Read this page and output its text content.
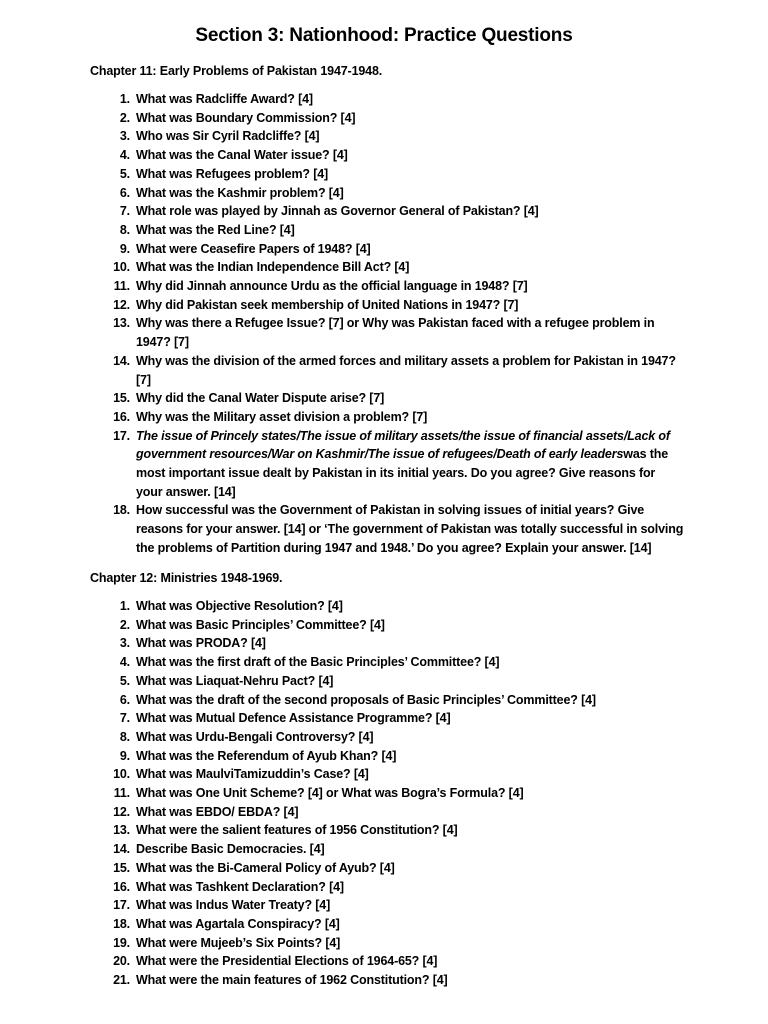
Section 3: Nationhood: Practice Questions
Chapter 11: Early Problems of Pakistan 1947-1948.
1 . What was Radcliffe Award? [4]
2 . What was Boundary Commission? [4]
3 . Who was Sir Cyril Radcliffe? [4]
4 . What was the Canal Water issue? [4]
5 . What was Refugees problem? [4]
6 . What was the Kashmir problem? [4]
7 . What role was played by Jinnah as Governor General of Pakistan? [4]
8 . What was the Red Line? [4]
9 . What were Ceasefire Papers of 1948? [4]
10 . What was the Indian Independence Bill Act? [4]
11 . Why did Jinnah announce Urdu as the official language in 1948? [7]
12 . Why did Pakistan seek membership of United Nations in 1947? [7]
13 . Why was there a Refugee Issue? [7] or Why was Pakistan faced with a refugee problem in 1947? [7]
14 . Why was the division of the armed forces and military assets a problem for Pakistan in 1947? [7]
15 . Why did the Canal Water Dispute arise? [7]
16 . Why was the Military asset division a problem? [7]
17 . The issue of Princely states/The issue of military assets/the issue of financial assets/Lack of government resources/War on Kashmir/The issue of refugees/Death of early leaderswas the most important issue dealt by Pakistan in its initial years. Do you agree? Give reasons for your answer. [14]
18 . How successful was the Government of Pakistan in solving issues of initial years? Give reasons for your answer. [14] or ‘The government of Pakistan was totally successful in solving the problems of Partition during 1947 and 1948.’ Do you agree? Explain your answer. [14]
Chapter 12: Ministries 1948-1969.
1 . What was Objective Resolution? [4]
2 . What was Basic Principles’ Committee? [4]
3 . What was PRODA? [4]
4 . What was the first draft of the Basic Principles’ Committee? [4]
5 . What was Liaquat-Nehru Pact? [4]
6 . What was the draft of the second proposals of Basic Principles’ Committee? [4]
7 . What was Mutual Defence Assistance Programme? [4]
8 . What was Urdu-Bengali Controversy? [4]
9 . What was the Referendum of Ayub Khan? [4]
10 . What was MaulviTamizuddin’s Case? [4]
11 . What was One Unit Scheme? [4] or What was Bogra’s Formula? [4]
12 . What was EBDO/ EBDA? [4]
13 . What were the salient features of 1956 Constitution? [4]
14 . Describe Basic Democracies. [4]
15 . What was the Bi-Cameral Policy of Ayub? [4]
16 . What was Tashkent Declaration? [4]
17 . What was Indus Water Treaty? [4]
18 . What was Agartala Conspiracy? [4]
19 . What were Mujeeb’s Six Points? [4]
20 . What were the Presidential Elections of 1964-65? [4]
21 . What were the main features of 1962 Constitution? [4]
